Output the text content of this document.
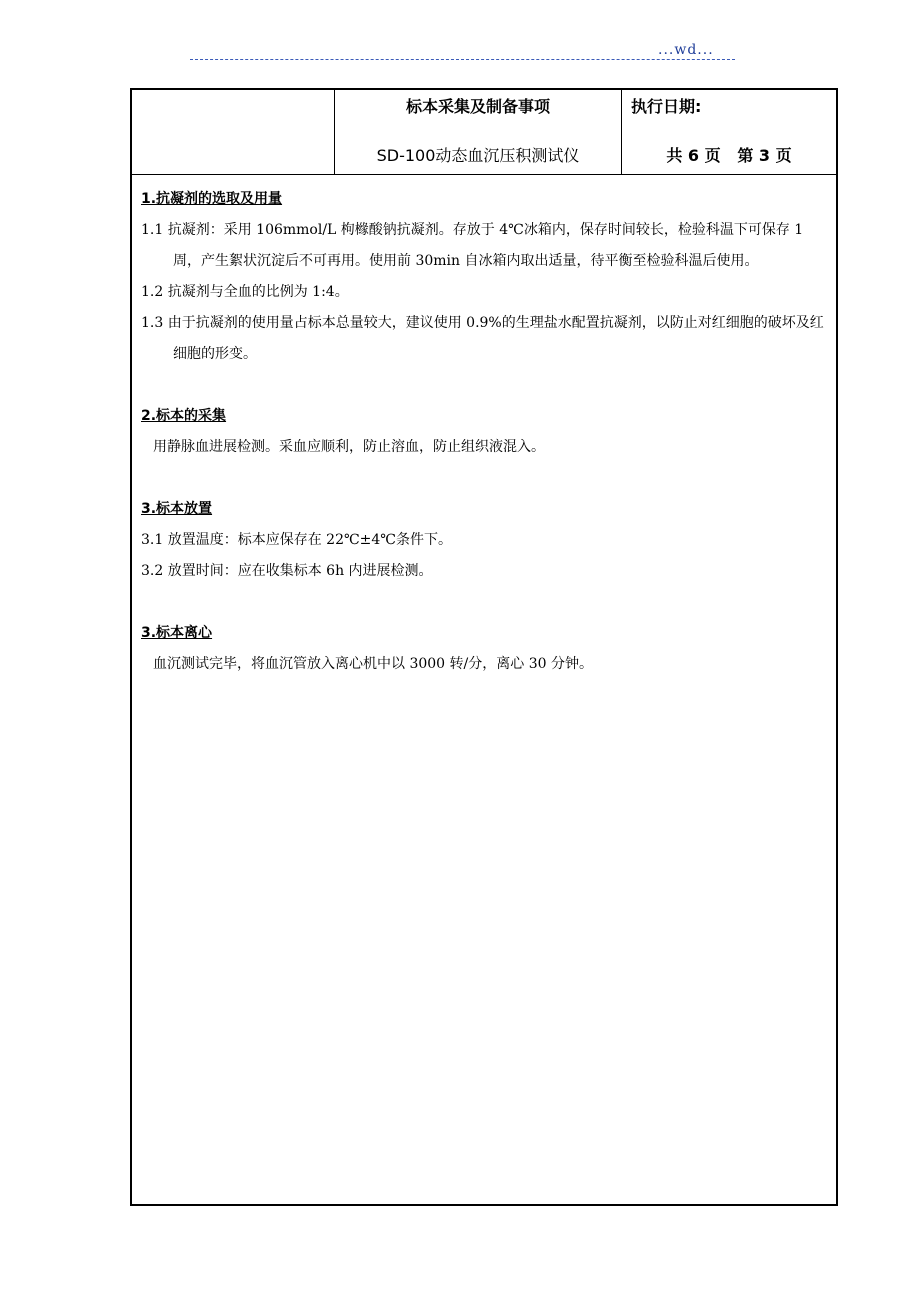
...wd...
标本采集及制备事项
SD-100动态血沉压积测试仪
执行日期:
共 6 页   第 3 页
1.抗凝剂的选取及用量
1.1 抗凝剂：采用 106mmol/L 枸橼酸钠抗凝剂。存放于 4℃冰箱内，保存时间较长，检验科温下可保存 1 周，产生絮状沉淀后不可再用。使用前 30min 自冰箱内取出适量，待平衡至检验科温后使用。
1.2 抗凝剂与全血的比例为 1:4。
1.3 由于抗凝剂的使用量占标本总量较大，建议使用 0.9%的生理盐水配置抗凝剂，以防止对红细胞的破坏及红细胞的形变。
2.标本的采集
用静脉血进展检测。采血应顺利，防止溶血，防止组织液混入。
3.标本放置
3.1 放置温度：标本应保存在 22℃±4℃条件下。
3.2 放置时间：应在收集标本 6h 内进展检测。
3.标本离心
血沉测试完毕，将血沉管放入离心机中以 3000 转/分，离心 30 分钟。
